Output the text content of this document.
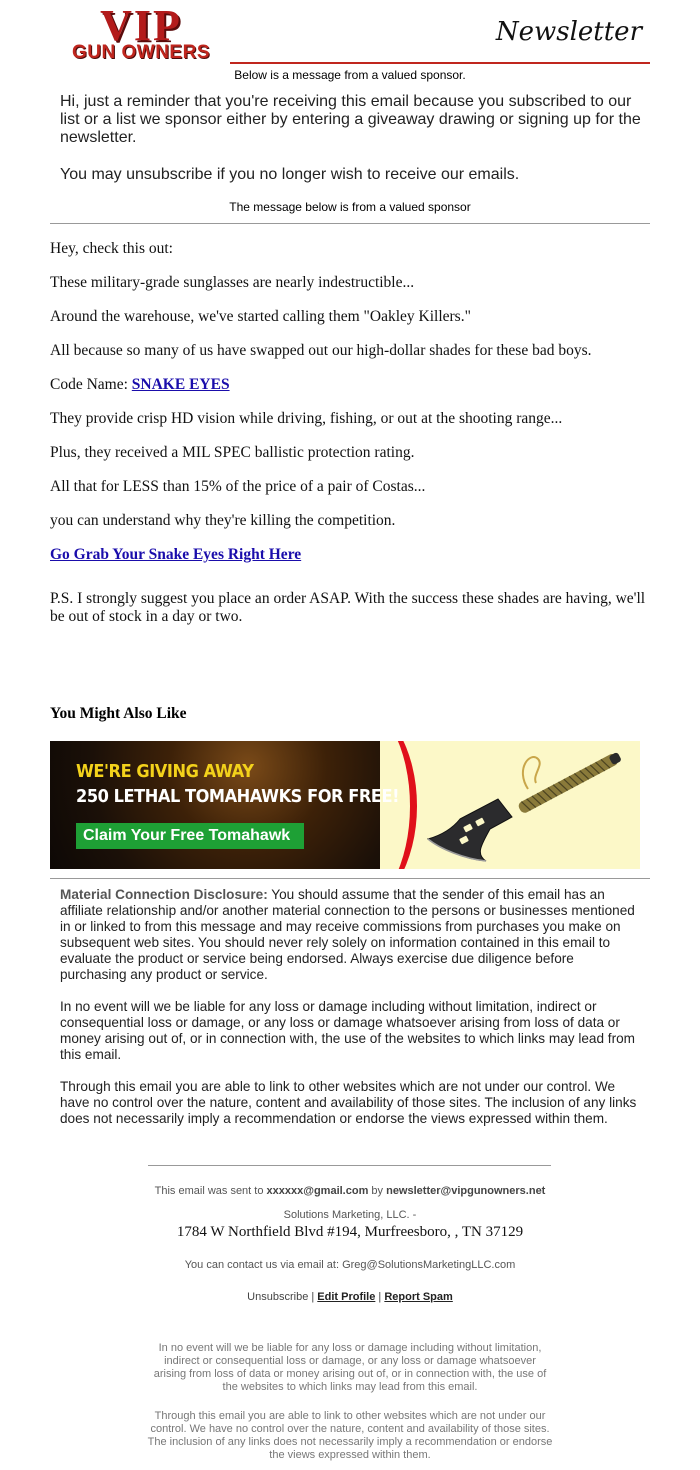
VIP
GUN OWNERS
Newsletter
Below is a message from a valued sponsor.

Hi, just a reminder that you're receiving this email because you subscribed to our list or a list we sponsor either by entering a giveaway drawing or signing up for the newsletter.

You may unsubscribe if you no longer wish to receive our emails.

The message below is from a valued sponsor

Hey, check this out:

These military-grade sunglasses are nearly indestructible...

Around the warehouse, we've started calling them "Oakley Killers."

All because so many of us have swapped out our high-dollar shades for these bad boys.

Code Name: SNAKE EYES

They provide crisp HD vision while driving, fishing, or out at the shooting range...

Plus, they received a MIL SPEC ballistic protection rating.

All that for LESS than 15% of the price of a pair of Costas...

you can understand why they're killing the competition.

Go Grab Your Snake Eyes Right Here

P.S. I strongly suggest you place an order ASAP. With the success these shades are having, we'll be out of stock in a day or two.

You Might Also Like
WE'RE GIVING AWAY
250 LETHAL TOMAHAWKS FOR FREE!
Claim Your Free Tomahawk

Material Connection Disclosure: You should assume that the sender of this email has an affiliate relationship and/or another material connection to the persons or businesses mentioned in or linked to from this message and may receive commissions from purchases you make on subsequent web sites. You should never rely solely on information contained in this email to evaluate the product or service being endorsed. Always exercise due diligence before purchasing any product or service.

In no event will we be liable for any loss or damage including without limitation, indirect or consequential loss or damage, or any loss or damage whatsoever arising from loss of data or money arising out of, or in connection with, the use of the websites to which links may lead from this email.

Through this email you are able to link to other websites which are not under our control. We have no control over the nature, content and availability of those sites. The inclusion of any links does not necessarily imply a recommendation or endorse the views expressed within them.

This email was sent to xxxxxx@gmail.com by newsletter@vipgunowners.net
Solutions Marketing, LLC. -
1784 W Northfield Blvd #194, Murfreesboro, , TN 37129
You can contact us via email at: Greg@SolutionsMarketingLLC.com
Unsubscribe | Edit Profile | Report Spam
In no event will we be liable for any loss or damage including without limitation, indirect or consequential loss or damage, or any loss or damage whatsoever arising from loss of data or money arising out of, or in connection with, the use of the websites to which links may lead from this email.
Through this email you are able to link to other websites which are not under our control. We have no control over the nature, content and availability of those sites. The inclusion of any links does not necessarily imply a recommendation or endorse the views expressed within them.
